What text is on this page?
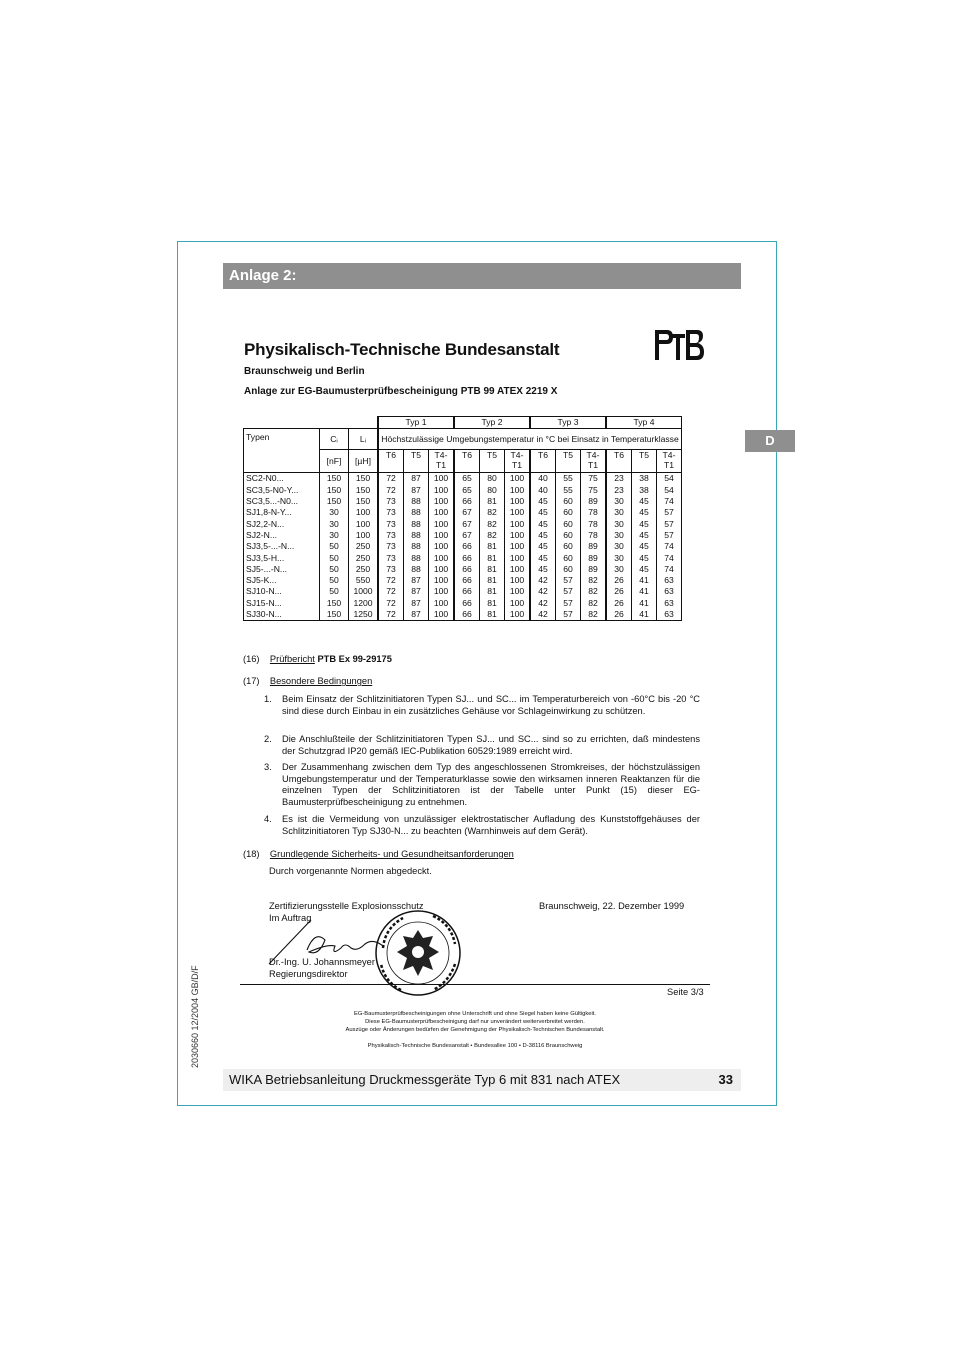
Anlage 2:
D
2030660 12/2004 GB/D/F
Physikalisch-Technische Bundesanstalt
Braunschweig und Berlin
Anlage zur EG-Baumusterprüfbescheinigung PTB 99 ATEX 2219 X
			Typ 1			Typ 2			Typ 3			Typ 4		
Typen	Cᵢ	Lᵢ	Höchstzulässige Umgebungstemperatur in °C bei Einsatz in Temperaturklasse											
	[nF]	[µH]	T6	T5	T4-T1	T6	T5	T4-T1	T6	T5	T4-T1	T6	T5	T4-T1
SC2-N0...	150	150	72	87	100	65	80	100	40	55	75	23	38	54
SC3,5-N0-Y...	150	150	72	87	100	65	80	100	40	55	75	23	38	54
SC3,5...-N0...	150	150	73	88	100	66	81	100	45	60	89	30	45	74
SJ1,8-N-Y...	30	100	73	88	100	67	82	100	45	60	78	30	45	57
SJ2,2-N...	30	100	73	88	100	67	82	100	45	60	78	30	45	57
SJ2-N...	30	100	73	88	100	67	82	100	45	60	78	30	45	57
SJ3,5-...-N...	50	250	73	88	100	66	81	100	45	60	89	30	45	74
SJ3,5-H...	50	250	73	88	100	66	81	100	45	60	89	30	45	74
SJ5-...-N...	50	250	73	88	100	66	81	100	45	60	89	30	45	74
SJ5-K...	50	550	72	87	100	66	81	100	42	57	82	26	41	63
SJ10-N...	50	1000	72	87	100	66	81	100	42	57	82	26	41	63
SJ15-N...	150	1200	72	87	100	66	81	100	42	57	82	26	41	63
SJ30-N...	150	1250	72	87	100	66	81	100	42	57	82	26	41	63
(16) Prüfbericht PTB Ex 99-29175
(17) Besondere Bedingungen
1. Beim Einsatz der Schlitzinitiatoren Typen SJ... und SC... im Temperaturbereich von -60°C bis -20 °C sind diese durch Einbau in ein zusätzliches Gehäuse vor Schlageinwirkung zu schützen.
2. Die Anschlußteile der Schlitzinitiatoren Typen SJ... und SC... sind so zu errichten, daß mindestens der Schutzgrad IP20 gemäß IEC-Publikation 60529:1989 erreicht wird.
3. Der Zusammenhang zwischen dem Typ des angeschlossenen Stromkreises, der höchstzulässigen Umgebungstemperatur und der Temperaturklasse sowie den wirksamen inneren Reaktanzen für die einzelnen Typen der Schlitzinitiatoren ist der Tabelle unter Punkt (15) dieser EG-Baumusterprüfbescheinigung zu entnehmen.
4. Es ist die Vermeidung von unzulässiger elektrostatischer Aufladung des Kunststoffgehäuses der Schlitzinitiatoren Typ SJ30-N... zu beachten (Warnhinweis auf dem Gerät).
(18) Grundlegende Sicherheits- und Gesundheitsanforderungen
Durch vorgenannte Normen abgedeckt.
Zertifizierungsstelle Explosionsschutz
Im Auftrag
Braunschweig, 22. Dezember 1999
Dr.-Ing. U. Johannsmeyer
Regierungsdirektor
Seite 3/3
EG-Baumusterprüfbescheinigungen ohne Unterschrift und ohne Siegel haben keine Gültigkeit.
Diese EG-Baumusterprüfbescheinigung darf nur unverändert weiterverbreitet werden.
Auszüge oder Änderungen bedürfen der Genehmigung der Physikalisch-Technischen Bundesanstalt.
Physikalisch-Technische Bundesanstalt • Bundesallee 100 • D-38116 Braunschweig
WIKA Betriebsanleitung Druckmessgeräte Typ 6 mit 831 nach ATEX	33
